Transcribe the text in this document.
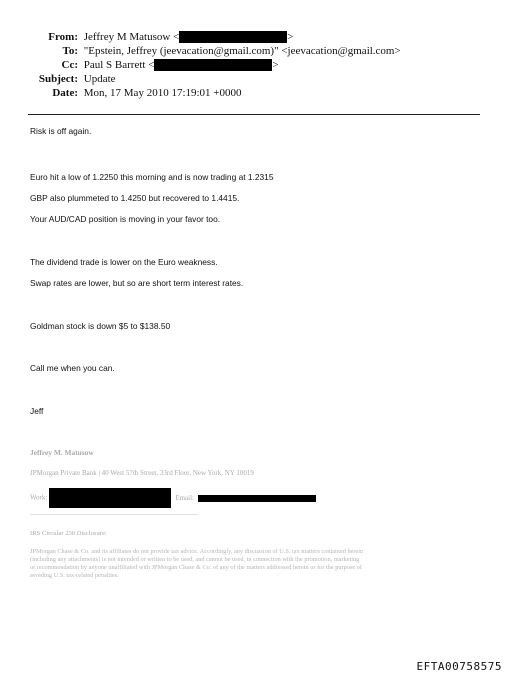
From: Jeffrey M Matusow <	>
To: "Epstein, Jeffrey (jeevacation@gmail.com)" <jeevacation@gmail.com>
Cc: Paul S Barrett <	>
Subject: Update
Date: Mon, 17 May 2010 17:19:01 +0000
Risk is off again.
Euro hit a low of 1.2250 this morning and is now trading at 1.2315
GBP also plummeted to 1.4250 but recovered to 1.4415.
Your AUD/CAD position is moving in your favor too.
The dividend trade is lower on the Euro weakness.
Swap rates are lower, but so are short term interest rates.
Goldman stock is down $5 to $138.50
Call me when you can.
Jeff
Jeffrey M. Matusow
JPMorgan Private Bank | 40 West 57th Street, 33rd Floor, New York, NY 10019
Work:	Email:
IRS Circular 230 Disclosure:
JPMorgan Chase & Co. and its affiliates do not provide tax advice. Accordingly, any discussion of U.S. tax matters contained herein
(including any attachments) is not intended or written to be used, and cannot be used, in connection with the promotion, marketing
or recommendation by anyone unaffiliated with JPMorgan Chase & Co. of any of the matters addressed herein or for the purpose of
avoiding U.S. tax-related penalties.
EFTA00758575
